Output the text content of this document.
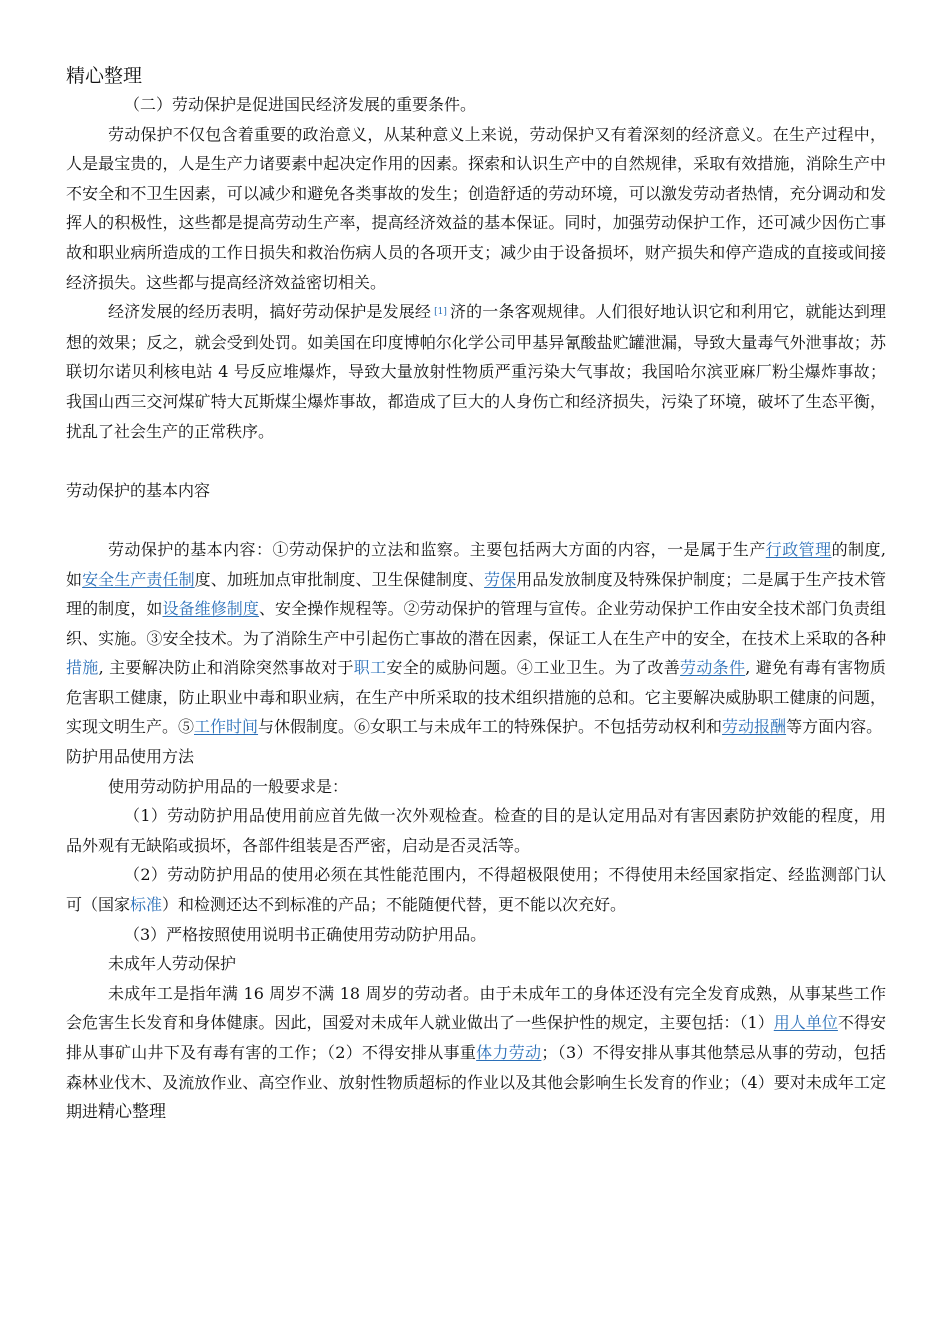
精心整理

（二）劳动保护是促进国民经济发展的重要条件。

劳动保护不仅包含着重要的政治意义，从某种意义上来说，劳动保护又有着深刻的经济意义。在生产过程中，人是最宝贵的，人是生产力诸要素中起决定作用的因素。探索和认识生产中的自然规律，采取有效措施，消除生产中不安全和不卫生因素，可以减少和避免各类事故的发生；创造舒适的劳动环境，可以激发劳动者热情，充分调动和发挥人的积极性，这些都是提高劳动生产率，提高经济效益的基本保证。同时，加强劳动保护工作，还可减少因伤亡事故和职业病所造成的工作日损失和救治伤病人员的各项开支；减少由于设备损坏，财产损失和停产造成的直接或间接经济损失。这些都与提高经济效益密切相关。

经济发展的经历表明，搞好劳动保护是发展经 [1] 济的一条客观规律。人们很好地认识它和利用它，就能达到理想的效果；反之，就会受到处罚。如美国在印度博帕尔化学公司甲基异氰酸盐贮罐泄漏，导致大量毒气外泄事故；苏联切尔诺贝利核电站 4 号反应堆爆炸，导致大量放射性物质严重污染大气事故；我国哈尔滨亚麻厂粉尘爆炸事故；我国山西三交河煤矿特大瓦斯煤尘爆炸事故，都造成了巨大的人身伤亡和经济损失，污染了环境，破坏了生态平衡，扰乱了社会生产的正常秩序。

劳动保护的基本内容

劳动保护的基本内容：①劳动保护的立法和监察。主要包括两大方面的内容，一是属于生产行政管理的制度, 如安全生产责任制度、加班加点审批制度、卫生保健制度、劳保用品发放制度及特殊保护制度；二是属于生产技术管理的制度，如设备维修制度、安全操作规程等。②劳动保护的管理与宣传。企业劳动保护工作由安全技术部门负责组织、实施。③安全技术。为了消除生产中引起伤亡事故的潜在因素，保证工人在生产中的安全，在技术上采取的各种措施, 主要解决防止和消除突然事故对于职工安全的威胁问题。④工业卫生。为了改善劳动条件, 避免有毒有害物质危害职工健康，防止职业中毒和职业病，在生产中所采取的技术组织措施的总和。它主要解决威胁职工健康的问题，实现文明生产。⑤工作时间与休假制度。⑥女职工与未成年工的特殊保护。不包括劳动权利和劳动报酬等方面内容。

防护用品使用方法

使用劳动防护用品的一般要求是：

（1）劳动防护用品使用前应首先做一次外观检查。检查的目的是认定用品对有害因素防护效能的程度，用品外观有无缺陷或损坏，各部件组装是否严密，启动是否灵活等。

（2）劳动防护用品的使用必须在其性能范围内，不得超极限使用；不得使用未经国家指定、经监测部门认可（国家标准）和检测还达不到标准的产品；不能随便代替，更不能以次充好。

（3）严格按照使用说明书正确使用劳动防护用品。

未成年人劳动保护

未成年工是指年满 16 周岁不满 18 周岁的劳动者。由于未成年工的身体还没有完全发育成熟，从事某些工作会危害生长发育和身体健康。因此，国爱对未成年人就业做出了一些保护性的规定，主要包括：（1）用人单位不得安排从事矿山井下及有毒有害的工作；（2）不得安排从事重体力劳动；（3）不得安排从事其他禁忌从事的劳动，包括森林业伐木、及流放作业、高空作业、放射性物质超标的作业以及其他会影响生长发育的作业；（4）要对未成年工定期进精心整理
